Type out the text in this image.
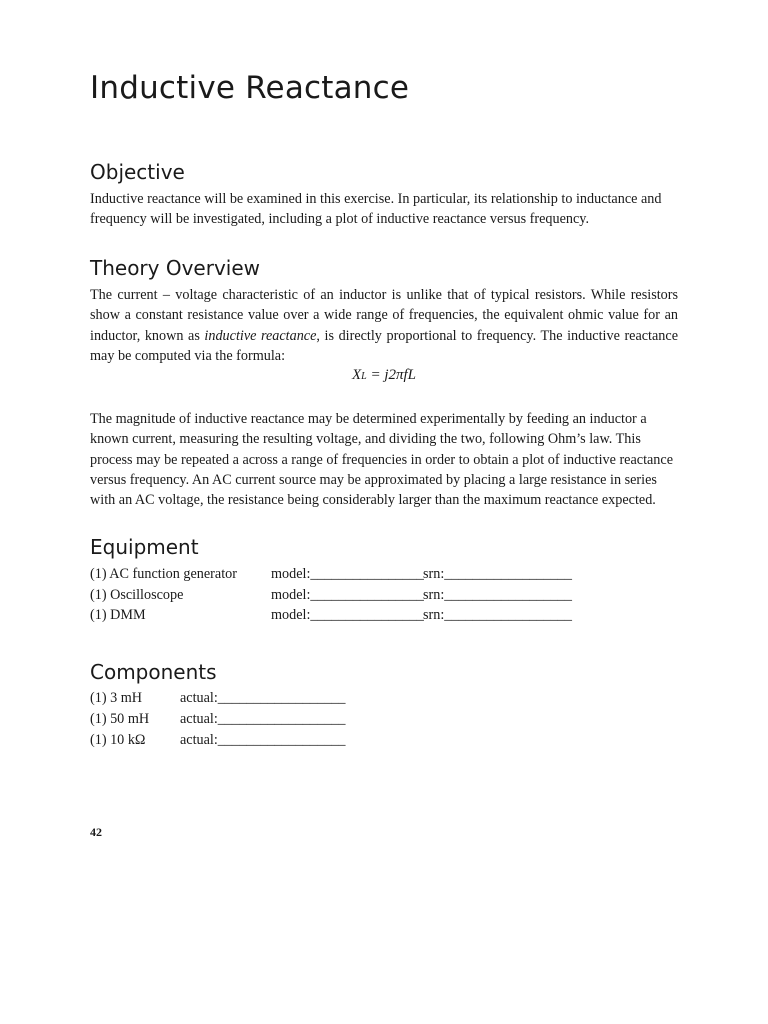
Inductive Reactance
Objective

Inductive reactance will be examined in this exercise. In particular, its relationship to inductance and frequency will be investigated, including a plot of inductive reactance versus frequency.

Theory Overview

The current – voltage characteristic of an inductor is unlike that of typical resistors. While resistors show a constant resistance value over a wide range of frequencies, the equivalent ohmic value for an inductor, known as inductive reactance, is directly proportional to frequency. The inductive reactance may be computed via the formula:

XL = j2πfL

The magnitude of inductive reactance may be determined experimentally by feeding an inductor a known current, measuring the resulting voltage, and dividing the two, following Ohm’s law. This process may be repeated a across a range of frequencies in order to obtain a plot of inductive reactance versus frequency. An AC current source may be approximated by placing a large resistance in series with an AC voltage, the resistance being considerably larger than the maximum reactance expected.

Equipment
(1) AC function generator model:________________ srn:__________________
(1) Oscilloscope	model:________________ srn:__________________
(1) DMM	model:________________ srn:__________________
Components
(1) 3 mH	actual:__________________
(1) 50 mH actual:__________________
(1) 10 kΩ actual:__________________
42
